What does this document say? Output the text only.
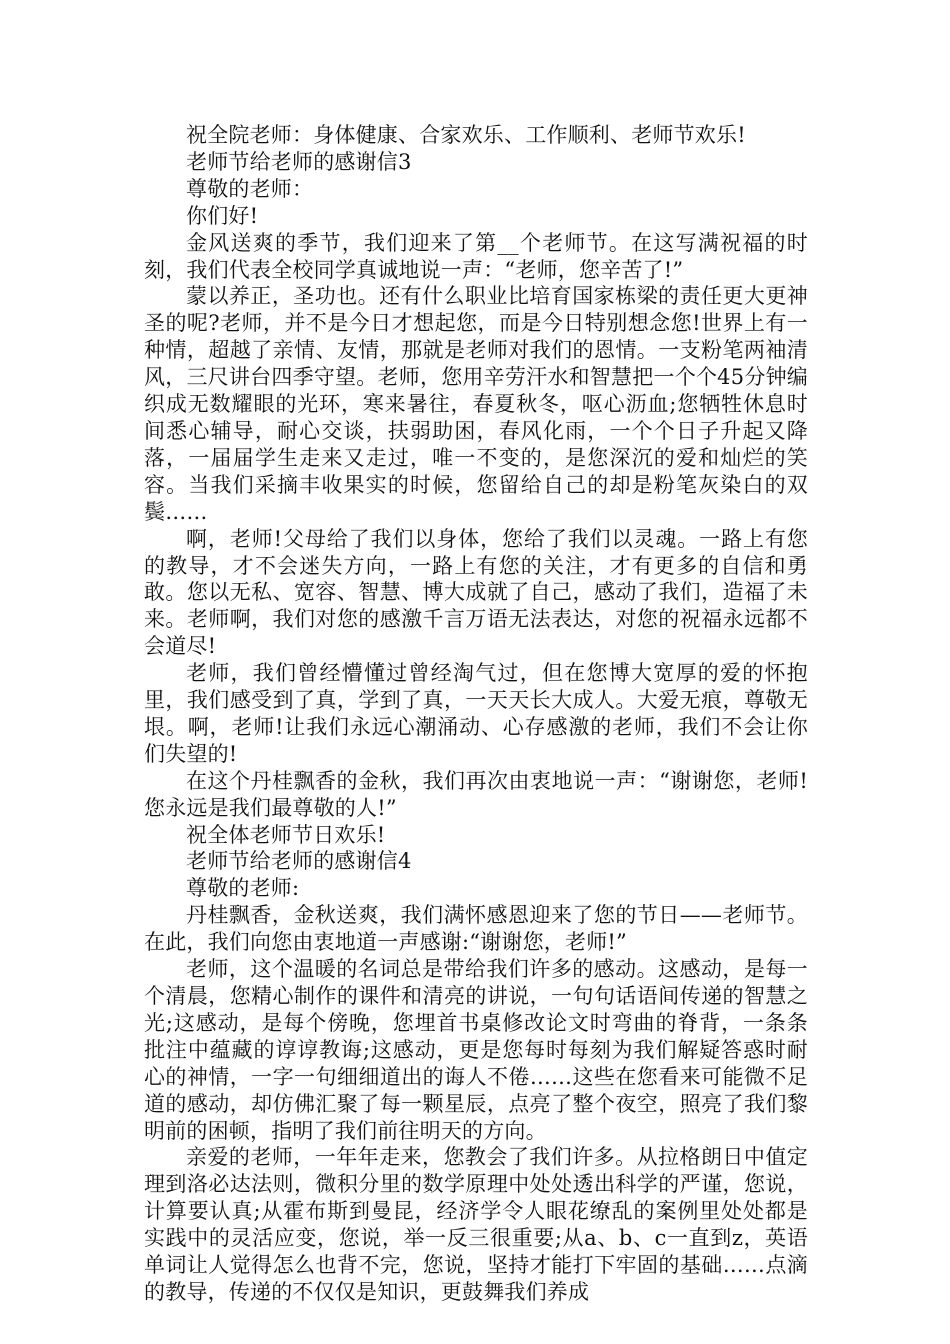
祝全院老师：身体健康、合家欢乐、工作顺利、老师节欢乐!

老师节给老师的感谢信3

尊敬的老师：

你们好!

金风送爽的季节，我们迎来了第__个老师节。在这写满祝福的时刻，我们代表全校同学真诚地说一声：“老师，您辛苦了!”

蒙以养正，圣功也。还有什么职业比培育国家栋梁的责任更大更神圣的呢?老师，并不是今日才想起您，而是今日特别想念您!世界上有一种情，超越了亲情、友情，那就是老师对我们的恩情。一支粉笔两袖清风，三尺讲台四季守望。老师，您用辛劳汗水和智慧把一个个45分钟编织成无数耀眼的光环，寒来暑往，春夏秋冬，呕心沥血;您牺牲休息时间悉心辅导，耐心交谈，扶弱助困，春风化雨，一个个日子升起又降落，一届届学生走来又走过，唯一不变的，是您深沉的爱和灿烂的笑容。当我们采摘丰收果实的时候，您留给自己的却是粉笔灰染白的双鬓……

啊，老师!父母给了我们以身体，您给了我们以灵魂。一路上有您的教导，才不会迷失方向，一路上有您的关注，才有更多的自信和勇敢。您以无私、宽容、智慧、博大成就了自己，感动了我们，造福了未来。老师啊，我们对您的感激千言万语无法表达，对您的祝福永远都不会道尽!

老师，我们曾经懵懂过曾经淘气过，但在您博大宽厚的爱的怀抱里，我们感受到了真，学到了真，一天天长大成人。大爱无痕，尊敬无垠。啊，老师!让我们永远心潮涌动、心存感激的老师，我们不会让你们失望的!

在这个丹桂飘香的金秋，我们再次由衷地说一声：“谢谢您，老师!您永远是我们最尊敬的人!”

祝全体老师节日欢乐!

老师节给老师的感谢信4

尊敬的老师:

丹桂飘香，金秋送爽，我们满怀感恩迎来了您的节日——老师节。在此，我们向您由衷地道一声感谢:“谢谢您，老师!”

老师，这个温暖的名词总是带给我们许多的感动。这感动，是每一个清晨，您精心制作的课件和清亮的讲说，一句句话语间传递的智慧之光;这感动，是每个傍晚，您埋首书桌修改论文时弯曲的脊背，一条条批注中蕴藏的谆谆教诲;这感动，更是您每时每刻为我们解疑答惑时耐心的神情，一字一句细细道出的诲人不倦……这些在您看来可能微不足道的感动，却仿佛汇聚了每一颗星辰，点亮了整个夜空，照亮了我们黎明前的困顿，指明了我们前往明天的方向。

亲爱的老师，一年年走来，您教会了我们许多。从拉格朗日中值定理到洛必达法则，微积分里的数学原理中处处透出科学的严谨，您说，计算要认真;从霍布斯到曼昆，经济学令人眼花缭乱的案例里处处都是实践中的灵活应变，您说，举一反三很重要;从a、b、c一直到z，英语单词让人觉得怎么也背不完，您说，坚持才能打下牢固的基础……点滴的教导，传递的不仅仅是知识，更鼓舞我们养成
